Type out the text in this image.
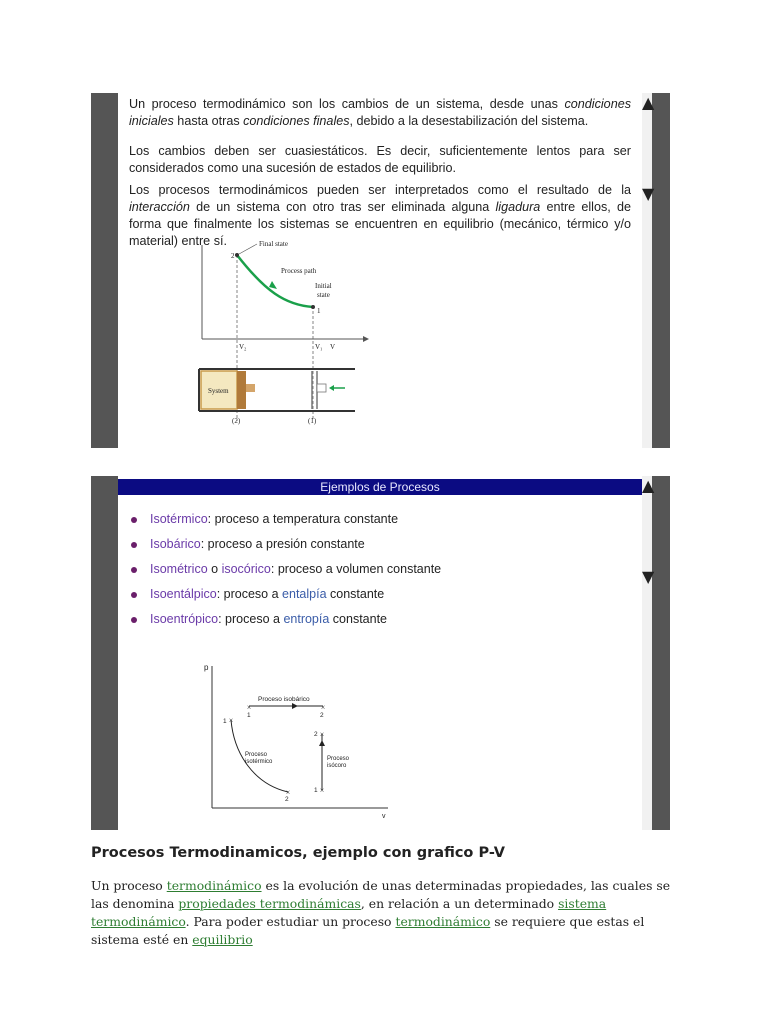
Un proceso termodinámico son los cambios de un sistema, desde unas condiciones iniciales hasta otras condiciones finales, debido a la desestabilización del sistema.

Los cambios deben ser cuasiestáticos. Es decir, suficientemente lentos para ser considerados como una sucesión de estados de equilibrio.

Los procesos termodinámicos pueden ser interpretados como el resultado de la interacción de un sistema con otro tras ser eliminada alguna ligadura entre ellos, de forma que finalmente los sistemas se encuentren en equilibrio (mecánico, térmico y/o material) entre sí.	Final state
2
Process path
Initial
state
1
V₂	V₁ V
System
(2)	(1)
▲
▼
Ejemplos de Procesos
Isotérmico: proceso a temperatura constante
Isobárico: proceso a presión constante
Isométrico o isocórico: proceso a volumen constante
Isoentálpico: proceso a entalpía constante
Isoentrópico: proceso a entropía constante
p
v
×	×
Proceso isobárico
1	2
×
×
1
2
Proceso
isotérmico
×
×
2
1
Proceso
isócoro
▲
▼
Procesos Termodinamicos, ejemplo con grafico P-V

Un proceso termodinámico es la evolución de unas determinadas propiedades, las cuales se las denomina propiedades termodinámicas, en relación a un determinado sistema termodinámico. Para poder estudiar un proceso termodinámico se requiere que estas el sistema esté en equilibrio
